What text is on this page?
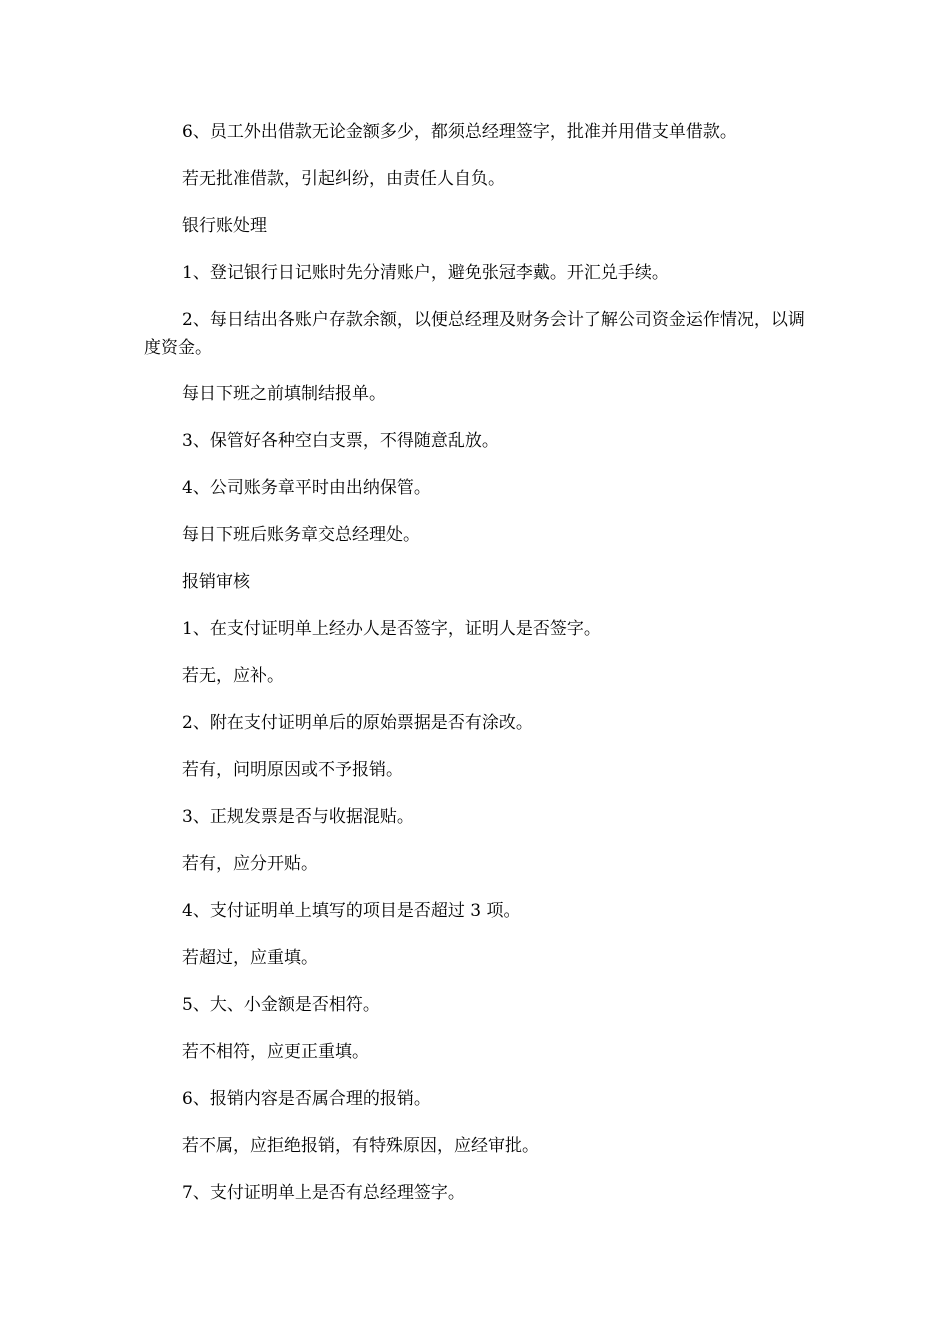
6、员工外出借款无论金额多少，都须总经理签字，批准并用借支单借款。

若无批准借款，引起纠纷，由责任人自负。

银行账处理

1、登记银行日记账时先分清账户，避免张冠李戴。开汇兑手续。

2、每日结出各账户存款余额，以便总经理及财务会计了解公司资金运作情况，以调度资金。

每日下班之前填制结报单。

3、保管好各种空白支票，不得随意乱放。

4、公司账务章平时由出纳保管。

每日下班后账务章交总经理处。

报销审核

1、在支付证明单上经办人是否签字，证明人是否签字。

若无，应补。

2、附在支付证明单后的原始票据是否有涂改。

若有，问明原因或不予报销。

3、正规发票是否与收据混贴。

若有，应分开贴。

4、支付证明单上填写的项目是否超过 3 项。

若超过，应重填。

5、大、小金额是否相符。

若不相符，应更正重填。

6、报销内容是否属合理的报销。

若不属，应拒绝报销，有特殊原因，应经审批。

7、支付证明单上是否有总经理签字。
